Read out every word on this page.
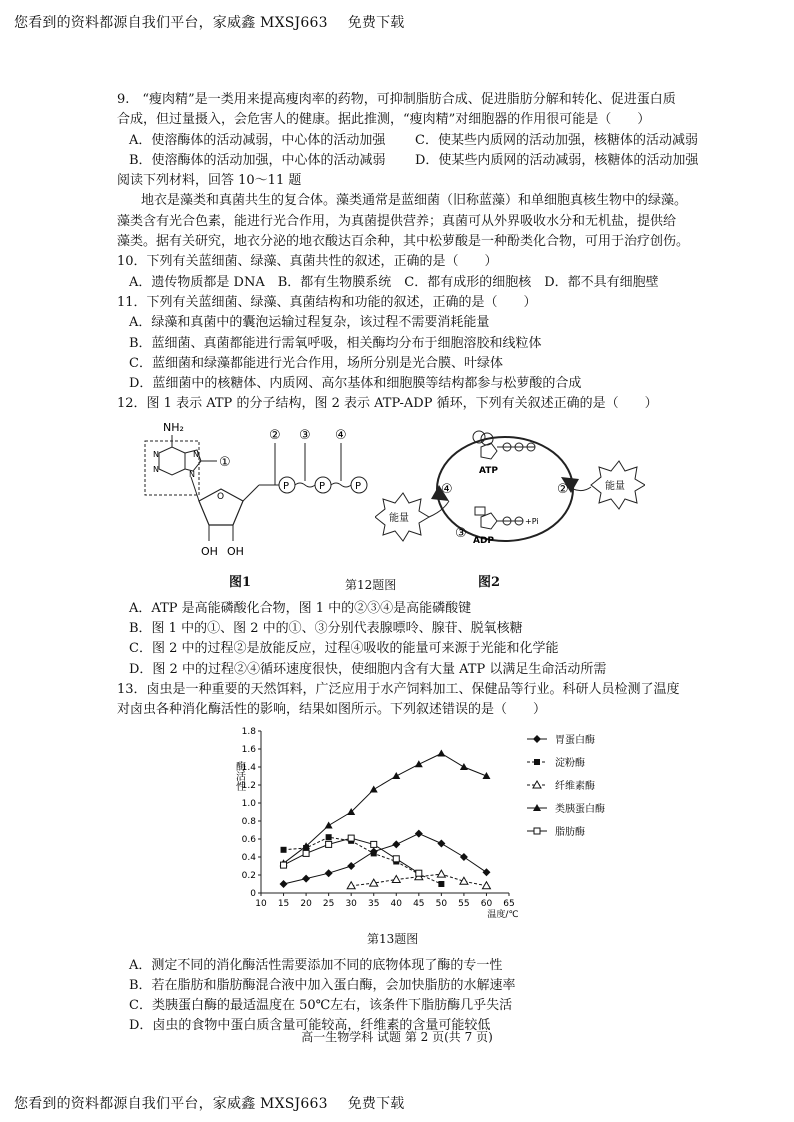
您看到的资料都源自我们平台，家威鑫 MXSJ663 免费下载
9.　“瘦肉精”是一类用来提高瘦肉率的药物，可抑制脂肪合成、促进脂肪分解和转化、促进蛋白质
合成，但过量摄入，会危害人的健康。据此推测，“瘦肉精”对细胞器的作用很可能是（　　）
A．使溶酶体的活动减弱，中心体的活动加强	C．使某些内质网的活动加强，核糖体的活动减弱
B．使溶酶体的活动加强，中心体的活动减弱	D．使某些内质网的活动减弱，核糖体的活动加强
阅读下列材料，回答 10～11 题
地衣是藻类和真菌共生的复合体。藻类通常是蓝细菌（旧称蓝藻）和单细胞真核生物中的绿藻。
藻类含有光合色素，能进行光合作用，为真菌提供营养；真菌可从外界吸收水分和无机盐，提供给
藻类。据有关研究，地衣分泌的地衣酸达百余种，其中松萝酸是一种酚类化合物，可用于治疗创伤。
10．下列有关蓝细菌、绿藻、真菌共性的叙述，正确的是（　　）
A．遗传物质都是 DNA　B．都有生物膜系统　C．都有成形的细胞核　D．都不具有细胞壁
11．下列有关蓝细菌、绿藻、真菌结构和功能的叙述，正确的是（　　）
A．绿藻和真菌中的囊泡运输过程复杂，该过程不需要消耗能量
B．蓝细菌、真菌都能进行需氧呼吸，相关酶均分布于细胞溶胶和线粒体
C．蓝细菌和绿藻都能进行光合作用，场所分别是光合膜、叶绿体
D．蓝细菌中的核糖体、内质网、高尔基体和细胞膜等结构都参与松萝酸的合成
12．图 1 表示 ATP 的分子结构，图 2 表示 ATP-ADP 循环，下列有关叙述正确的是（　　）
NH₂
N
N
N
N
①
O
OH OH
P	P	P
② ③ ④
图1
ATP
+Pi
ADP
④	②
③
能量
能量
第12题图	图2
A．ATP 是高能磷酸化合物，图 1 中的②③④是高能磷酸键
B．图 1 中的①、图 2 中的①、③分别代表腺嘌呤、腺苷、脱氧核糖
C．图 2 中的过程②是放能反应，过程④吸收的能量可来源于光能和化学能
D．图 2 中的过程②④循环速度很快，使细胞内含有大量 ATP 以满足生命活动所需
13．卤虫是一种重要的天然饵料，广泛应用于水产饲料加工、保健品等行业。科研人员检测了温度
对卤虫各种消化酶活性的影响，结果如图所示。下列叙述错误的是（　　）
0
0.2
0.4
0.6
0.8
1.0
1.2
1.4
1.6
1.8
10 15 20 25 30 35 40 45 50 55 60 65
酶活性
温度/℃
胃蛋白酶
淀粉酶
纤维素酶
类胰蛋白酶
脂肪酶
第13题图
A．测定不同的消化酶活性需要添加不同的底物体现了酶的专一性
B．若在脂肪和脂肪酶混合液中加入蛋白酶，会加快脂肪的水解速率
C．类胰蛋白酶的最适温度在 50℃左右，该条件下脂肪酶几乎失活
D．卤虫的食物中蛋白质含量可能较高，纤维素的含量可能较低
高一生物学科 试题 第 2 页(共 7 页)
您看到的资料都源自我们平台，家威鑫 MXSJ663 免费下载
